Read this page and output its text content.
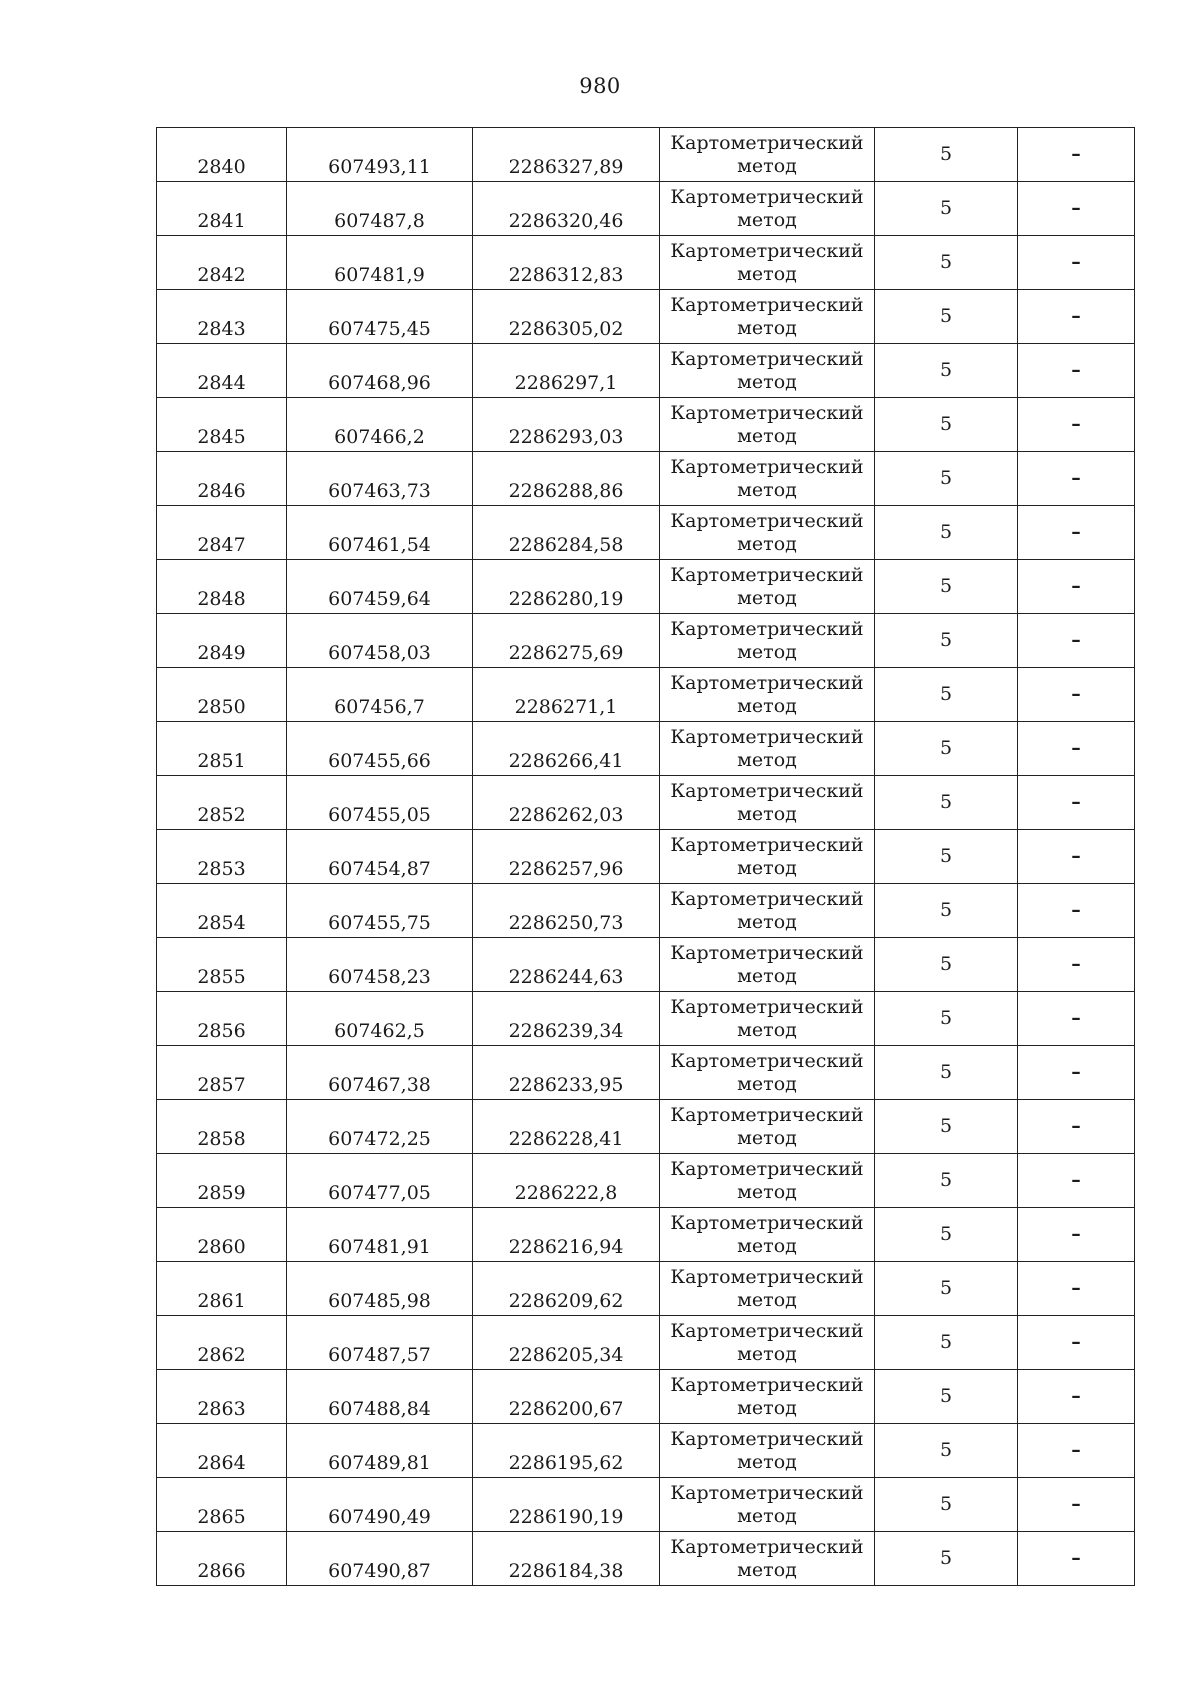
980
2840	607493,11	2286327,89	Картометрический
метод	5	–
2841	607487,8	2286320,46	Картометрический
метод	5	–
2842	607481,9	2286312,83	Картометрический
метод	5	–
2843	607475,45	2286305,02	Картометрический
метод	5	–
2844	607468,96	2286297,1	Картометрический
метод	5	–
2845	607466,2	2286293,03	Картометрический
метод	5	–
2846	607463,73	2286288,86	Картометрический
метод	5	–
2847	607461,54	2286284,58	Картометрический
метод	5	–
2848	607459,64	2286280,19	Картометрический
метод	5	–
2849	607458,03	2286275,69	Картометрический
метод	5	–
2850	607456,7	2286271,1	Картометрический
метод	5	–
2851	607455,66	2286266,41	Картометрический
метод	5	–
2852	607455,05	2286262,03	Картометрический
метод	5	–
2853	607454,87	2286257,96	Картометрический
метод	5	–
2854	607455,75	2286250,73	Картометрический
метод	5	–
2855	607458,23	2286244,63	Картометрический
метод	5	–
2856	607462,5	2286239,34	Картометрический
метод	5	–
2857	607467,38	2286233,95	Картометрический
метод	5	–
2858	607472,25	2286228,41	Картометрический
метод	5	–
2859	607477,05	2286222,8	Картометрический
метод	5	–
2860	607481,91	2286216,94	Картометрический
метод	5	–
2861	607485,98	2286209,62	Картометрический
метод	5	–
2862	607487,57	2286205,34	Картометрический
метод	5	–
2863	607488,84	2286200,67	Картометрический
метод	5	–
2864	607489,81	2286195,62	Картометрический
метод	5	–
2865	607490,49	2286190,19	Картометрический
метод	5	–
2866	607490,87	2286184,38	Картометрический
метод	5	–
